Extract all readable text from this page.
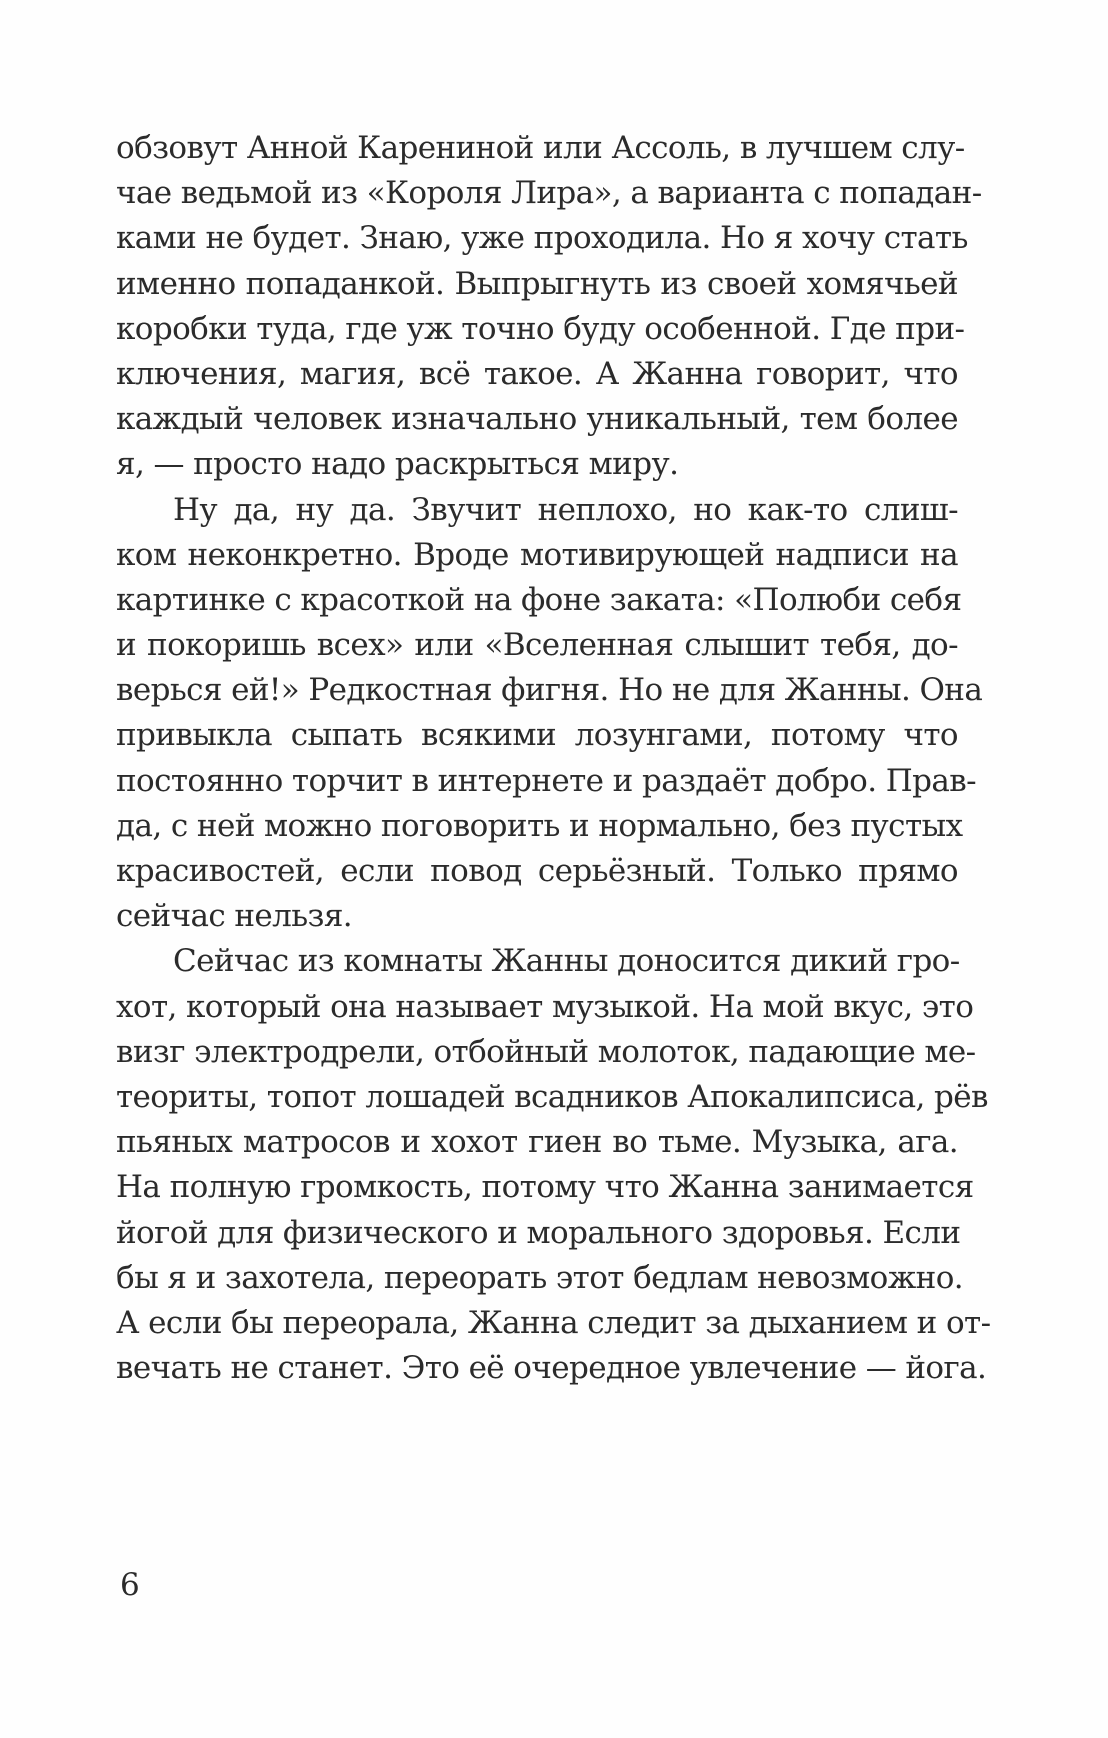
обзовут Анной Карениной или Ассоль, в лучшем слу-
чае ведьмой из «Короля Лира», а варианта с попадан-
ками не будет. Знаю, уже проходила. Но я хочу стать
именно попаданкой. Выпрыгнуть из своей хомячьей
коробки туда, где уж точно буду особенной. Где при-
ключения, магия, всё такое. А Жанна говорит, что
каждый человек изначально уникальный, тем более
я, — просто надо раскрыться миру.
Ну да, ну да. Звучит неплохо, но как-то слиш-
ком неконкретно. Вроде мотивирующей надписи на
картинке с красоткой на фоне заката: «Полюби себя
и покоришь всех» или «Вселенная слышит тебя, до-
верься ей!» Редкостная фигня. Но не для Жанны. Она
привыкла сыпать всякими лозунгами, потому что
постоянно торчит в интернете и раздаёт добро. Прав-
да, с ней можно поговорить и нормально, без пустых
красивостей, если повод серьёзный. Только прямо
сейчас нельзя.
Сейчас из комнаты Жанны доносится дикий гро-
хот, который она называет музыкой. На мой вкус, это
визг электродрели, отбойный молоток, падающие ме-
теориты, топот лошадей всадников Апокалипсиса, рёв
пьяных матросов и хохот гиен во тьме. Музыка, ага.
На полную громкость, потому что Жанна занимается
йогой для физического и морального здоровья. Если
бы я и захотела, переорать этот бедлам невозможно.
А если бы переорала, Жанна следит за дыханием и от-
вечать не станет. Это её очередное увлечение — йога.
6
